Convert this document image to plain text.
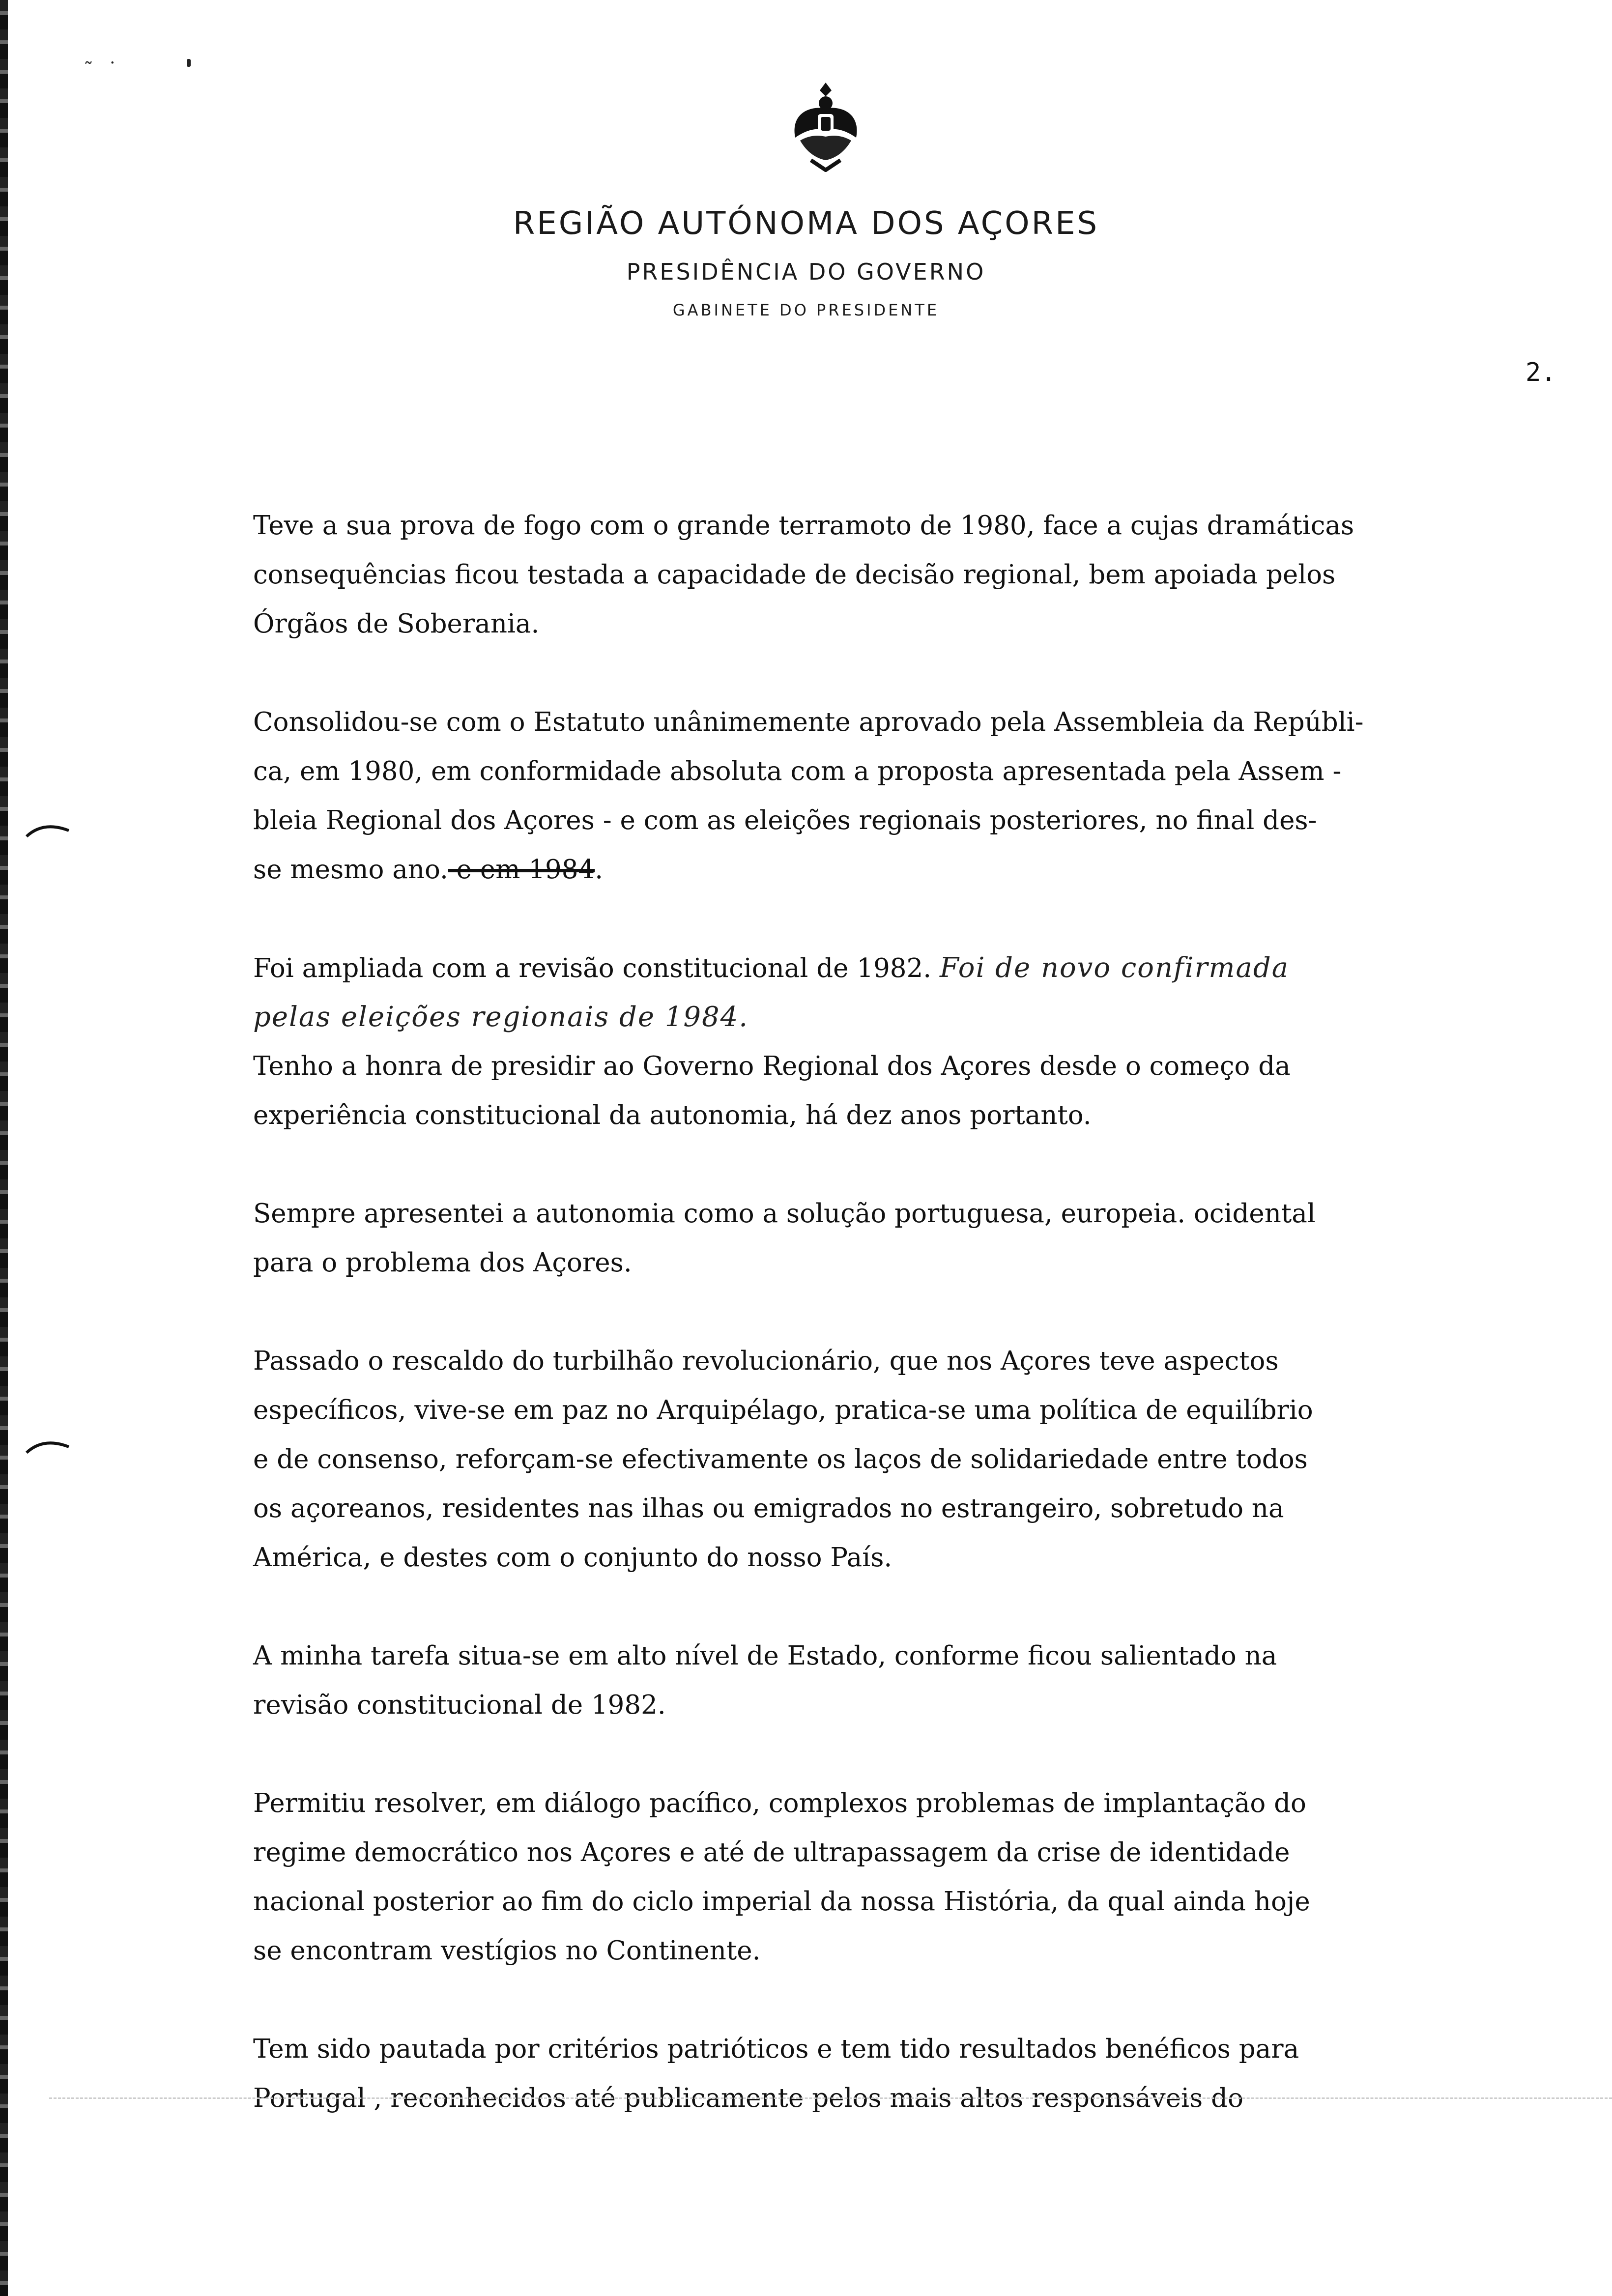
˜ ˙
REGIÃO AUTÓNOMA DOS AÇORES
PRESIDÊNCIA DO GOVERNO
GABINETE DO PRESIDENTE
2.
Teve a sua prova de fogo com o grande terramoto de 1980, face a cujas dramáticas
consequências ficou testada a capacidade de decisão regional, bem apoiada pelos
Órgãos de Soberania.
Consolidou-se com o Estatuto unânimemente aprovado pela Assembleia da Repúbli-
ca, em 1980, em conformidade absoluta com a proposta apresentada pela Assem -
bleia Regional dos Açores - e com as eleições regionais posteriores, no final des-
se mesmo ano. e em 1984.
Foi ampliada com a revisão constitucional de 1982. Foi de novo confirmada
pelas eleições regionais de 1984.
Tenho a honra de presidir ao Governo Regional dos Açores desde o começo da
experiência constitucional da autonomia, há dez anos portanto.
Sempre apresentei a autonomia como a solução portuguesa, europeia. ocidental
para o problema dos Açores.
Passado o rescaldo do turbilhão revolucionário, que nos Açores teve aspectos
específicos, vive-se em paz no Arquipélago, pratica-se uma política de equilíbrio
e de consenso, reforçam-se efectivamente os laços de solidariedade entre todos
os açoreanos, residentes nas ilhas ou emigrados no estrangeiro, sobretudo na
América, e destes com o conjunto do nosso País.
A minha tarefa situa-se em alto nível de Estado, conforme ficou salientado na
revisão constitucional de 1982.
Permitiu resolver, em diálogo pacífico, complexos problemas de implantação do
regime democrático nos Açores e até de ultrapassagem da crise de identidade
nacional posterior ao fim do ciclo imperial da nossa História, da qual ainda hoje
se encontram vestígios no Continente.
Tem sido pautada por critérios patrióticos e tem tido resultados benéficos para
Portugal , reconhecidos até publicamente pelos mais altos responsáveis do
